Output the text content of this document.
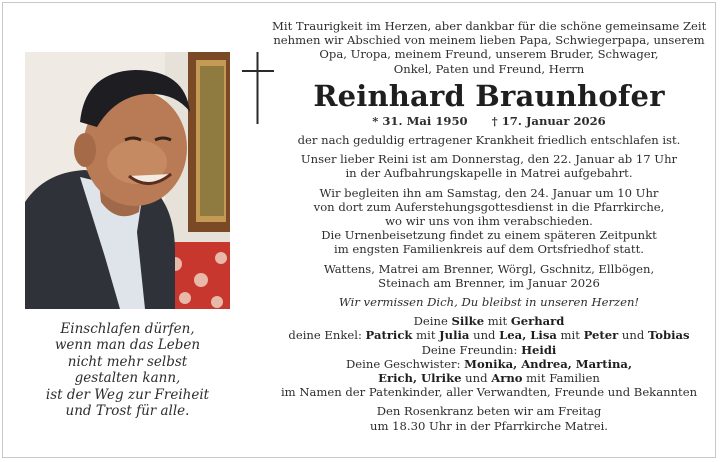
Einschlafen dürfen,
wenn man das Leben
nicht mehr selbst
gestalten kann,
ist der Weg zur Freiheit
und Trost für alle.
Mit Traurigkeit im Herzen, aber dankbar für die schöne gemeinsame Zeit
nehmen wir Abschied von meinem lieben Papa, Schwiegerpapa, unserem
Opa, Uropa, meinem Freund, unserem Bruder, Schwager,
Onkel, Paten und Freund, Herrn
Reinhard Braunhofer
* 31. Mai 1950 † 17. Januar 2026
der nach geduldig ertragener Krankheit friedlich entschlafen ist.
Unser lieber Reini ist am Donnerstag, den 22. Januar ab 17 Uhr
in der Aufbahrungskapelle in Matrei aufgebahrt.
Wir begleiten ihn am Samstag, den 24. Januar um 10 Uhr
von dort zum Auferstehungsgottesdienst in die Pfarrkirche,
wo wir uns von ihm verabschieden.
Die Urnenbeisetzung findet zu einem späteren Zeitpunkt
im engsten Familienkreis auf dem Ortsfriedhof statt.
Wattens, Matrei am Brenner, Wörgl, Gschnitz, Ellbögen,
Steinach am Brenner, im Januar 2026
Wir vermissen Dich, Du bleibst in unseren Herzen!
Deine Silke mit Gerhard
deine Enkel: Patrick mit Julia und Lea, Lisa mit Peter und Tobias
Deine Freundin: Heidi
Deine Geschwister: Monika, Andrea, Martina,
Erich, Ulrike und Arno mit Familien
im Namen der Patenkinder, aller Verwandten, Freunde und Bekannten
Den Rosenkranz beten wir am Freitag
um 18.30 Uhr in der Pfarrkirche Matrei.
